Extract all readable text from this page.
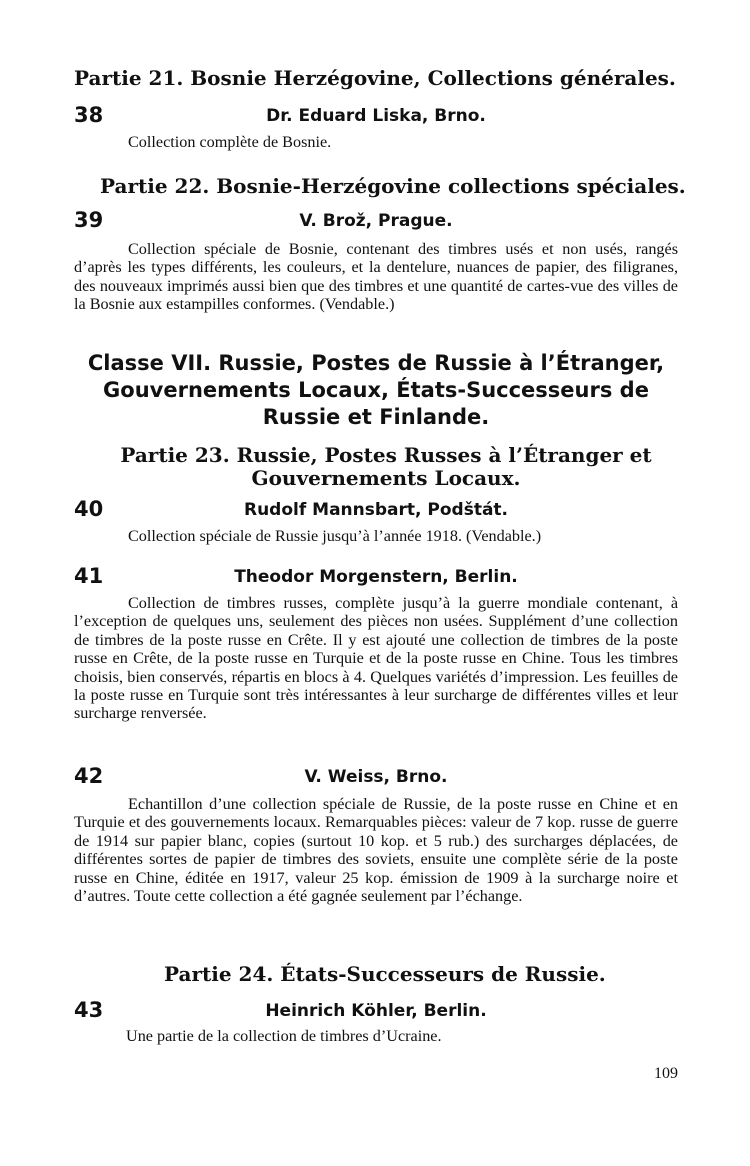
Partie 21. Bosnie Herzégovine, Collections générales.
38	Dr. Eduard Liska, Brno.
Collection complète de Bosnie.
Partie 22. Bosnie-Herzégovine collections spéciales.
39	V. Brož, Prague.
Collection spéciale de Bosnie, contenant des timbres usés et non usés, rangés d’après les types différents, les couleurs, et la dentelure, nuances de papier, des filigranes, des nouveaux imprimés aussi bien que des timbres et une quantité de cartes-vue des villes de la Bosnie aux estampilles conformes. (Vendable.)
Classe VII. Russie, Postes de Russie à l’Étranger, Gouvernements Locaux, États-Successeurs de Russie et Finlande.
Partie 23. Russie, Postes Russes à l’Étranger et Gouvernements Locaux.
40	Rudolf Mannsbart, Podštát.
Collection spéciale de Russie jusqu’à l’année 1918. (Vendable.)
41	Theodor Morgenstern, Berlin.
Collection de timbres russes, complète jusqu’à la guerre mondiale contenant, à l’exception de quelques uns, seulement des pièces non usées. Supplément d’une collection de timbres de la poste russe en Crête. Il y est ajouté une collection de timbres de la poste russe en Crête, de la poste russe en Turquie et de la poste russe en Chine. Tous les timbres choisis, bien conservés, répartis en blocs à 4. Quelques variétés d’impression. Les feuilles de la poste russe en Turquie sont très intéressantes à leur surcharge de différentes villes et leur surcharge renversée.
42	V. Weiss, Brno.
Echantillon d’une collection spéciale de Russie, de la poste russe en Chine et en Turquie et des gouvernements locaux. Remarquables pièces: valeur de 7 kop. russe de guerre de 1914 sur papier blanc, copies (surtout 10 kop. et 5 rub.) des surcharges déplacées, de différentes sortes de papier de timbres des soviets, ensuite une complète série de la poste russe en Chine, éditée en 1917, valeur 25 kop. émission de 1909 à la surcharge noire et d’autres. Toute cette collection a été gagnée seulement par l’échange.
Partie 24. États-Successeurs de Russie.
43	Heinrich Köhler, Berlin.
Une partie de la collection de timbres d’Ucraine.
109
